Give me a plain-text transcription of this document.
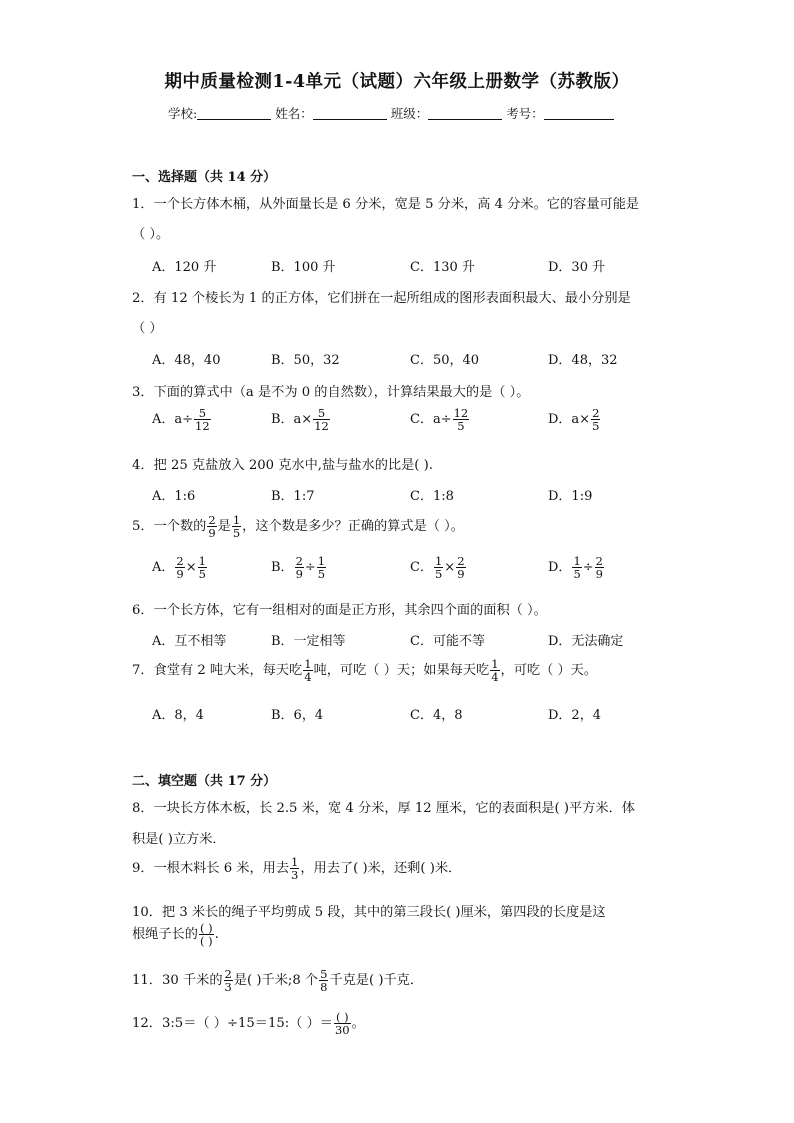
期中质量检测1-4单元（试题）六年级上册数学（苏教版）
学校:	姓名：	班级：	考号：
一、选择题（共 14 分）
1．一个长方体木桶，从外面量长是 6 分米，宽是 5 分米，高 4 分米。它的容量可能是
（ ）。
A．120 升	B．100 升	C．130 升	D．30 升
2．有 12 个棱长为 1 的正方体，它们拼在一起所组成的图形表面积最大、最小分别是
（ ）
A．48，40	B．50，32	C．50，40	D．48，32
3．下面的算式中（a 是不为 0 的自然数），计算结果最大的是（ ）。
A．$a\div \frac{5}{12}$	B．$a\times \frac{5}{12}$	C．$a\div \frac{12}{5}$	D．$a\times \frac{2}{5}$
4．把 25 克盐放入 200 克水中,盐与盐水的比是( ).
A．1:6	B．1:7	C．1:8	D．1:9
5．一个数的 $\frac{2}{9}$ 是 $\frac{1}{5}$ ，这个数是多少？正确的算式是（ ）。
A． $\frac{2}{9} \times \frac{1}{5}$	B． $\frac{2}{9} \div \frac{1}{5}$	C． $\frac{1}{5} \times \frac{2}{9}$	D． $\frac{1}{5} \div \frac{2}{9}$
6．一个长方体，它有一组相对的面是正方形，其余四个面的面积（ ）。
A．互不相等	B．一定相等	C．可能不等	D．无法确定
7．食堂有 2 吨大米，每天吃 $\frac{1}{4}$ 吨，可吃（ ）天；如果每天吃 $\frac{1}{4}$ ，可吃（ ）天。
A．8，4	B．6，4	C．4，8	D．2，4
二、填空题（共 17 分）
8．一块长方体木板，长 2.5 米，宽 4 分米，厚 12 厘米，它的表面积是( )平方米．体
积是( )立方米．
9．一根木料长 6 米，用去 $\frac{1}{3}$ ，用去了( )米，还剩( )米．
10．把 3 米长的绳子平均剪成 5 段，其中的第三段长( )厘米，第四段的长度是这
根绳子长的 $\frac{( )}{( )}$ .
11．30 千米的 $\frac{2}{3}$ 是( )千米;8 个 $\frac{5}{8}$ 千克是( )千克．
12．3:5＝（ ）÷15＝15:（ ）＝ $\frac{( )}{30}$ 。
